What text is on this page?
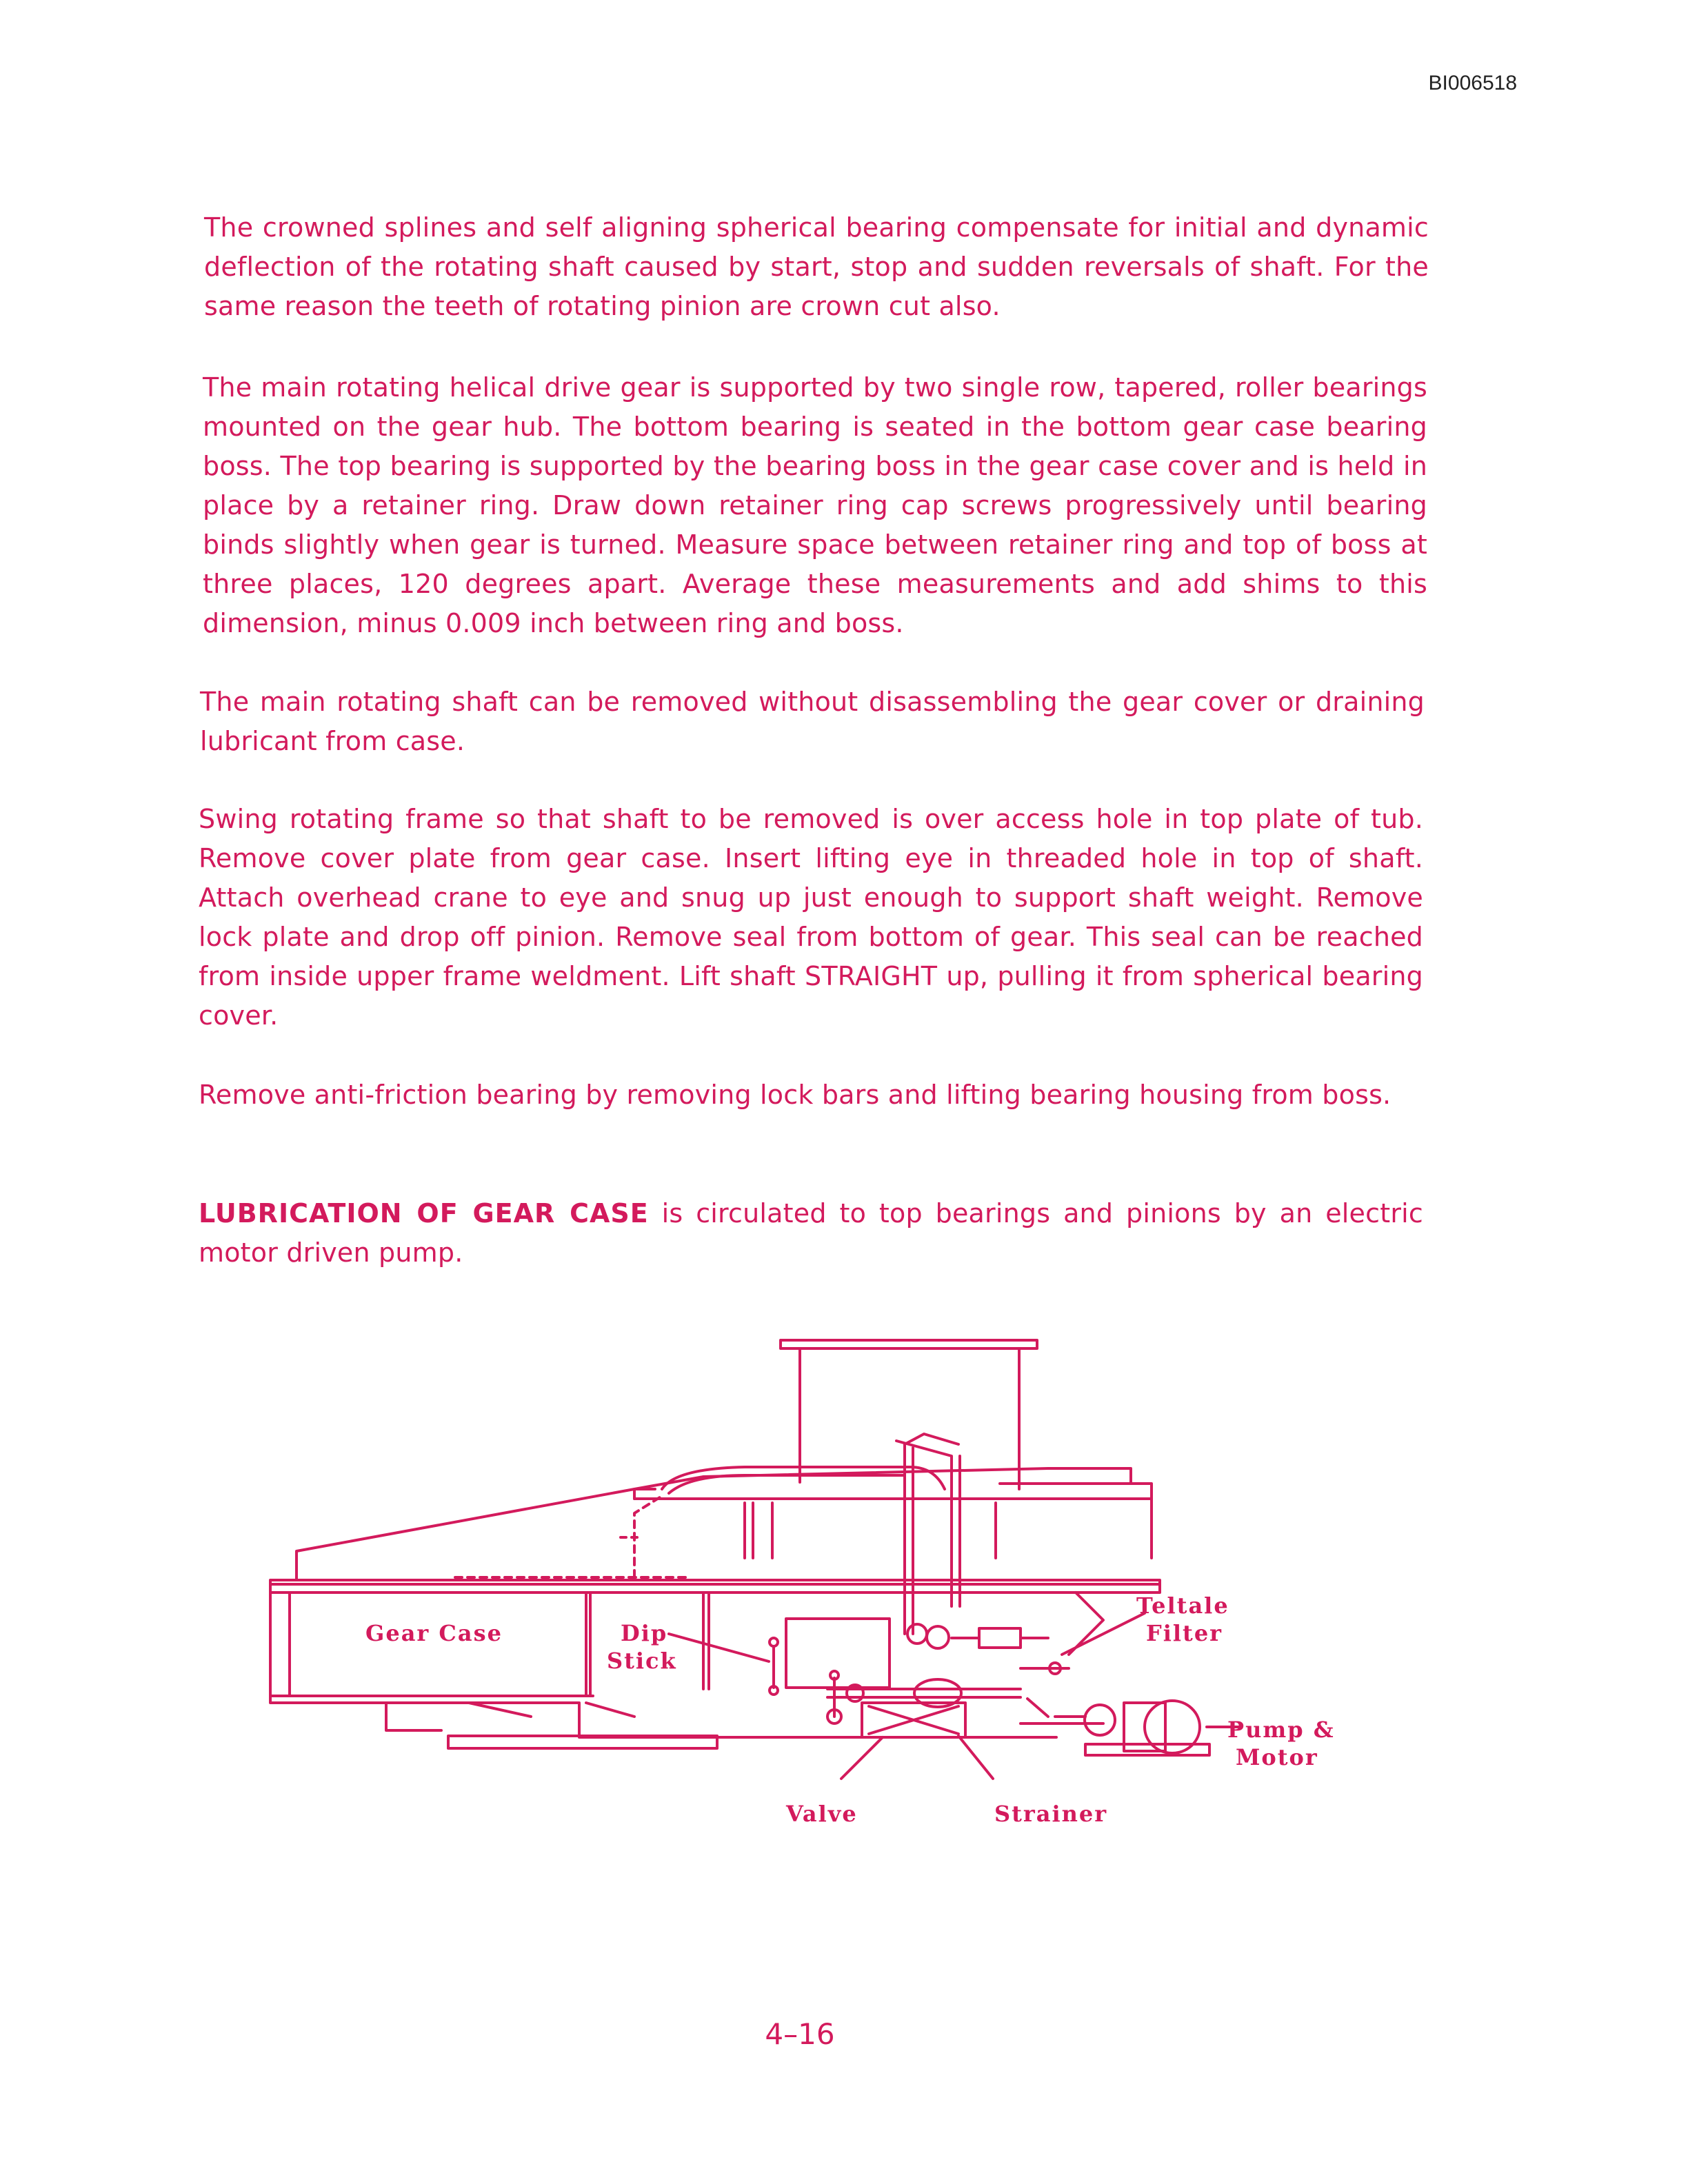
BI006518

The crowned splines and self aligning spherical bearing compensate for initial and dynamic deflection of the rotating shaft caused by start, stop and sudden reversals of shaft. For the same reason the teeth of rotating pinion are crown cut also.

The main rotating helical drive gear is supported by two single row, tapered, roller bearings mounted on the gear hub. The bottom bearing is seated in the bottom gear case bearing boss. The top bearing is supported by the bearing boss in the gear case cover and is held in place by a retainer ring. Draw down retainer ring cap screws progressively until bearing binds slightly when gear is turned. Measure space between retainer ring and top of boss at three places, 120 degrees apart. Average these measurements and add shims to this dimension, minus 0.009 inch between ring and boss.

The main rotating shaft can be removed without disassembling the gear cover or draining lubricant from case.

Swing rotating frame so that shaft to be removed is over access hole in top plate of tub. Remove cover plate from gear case. Insert lifting eye in threaded hole in top of shaft. Attach overhead crane to eye and snug up just enough to support shaft weight. Remove lock plate and drop off pinion. Remove seal from bottom of gear. This seal can be reached from inside upper frame weldment. Lift shaft STRAIGHT up, pulling it from spherical bearing cover.

Remove anti-friction bearing by removing lock bars and lifting bearing housing from boss.

LUBRICATION OF GEAR CASE is circulated to top bearings and pinions by an electric motor driven pump.

Gear Case	Dip
Stick
Teltale
Filter
Pump &
Motor
Valve	Strainer
4–16
